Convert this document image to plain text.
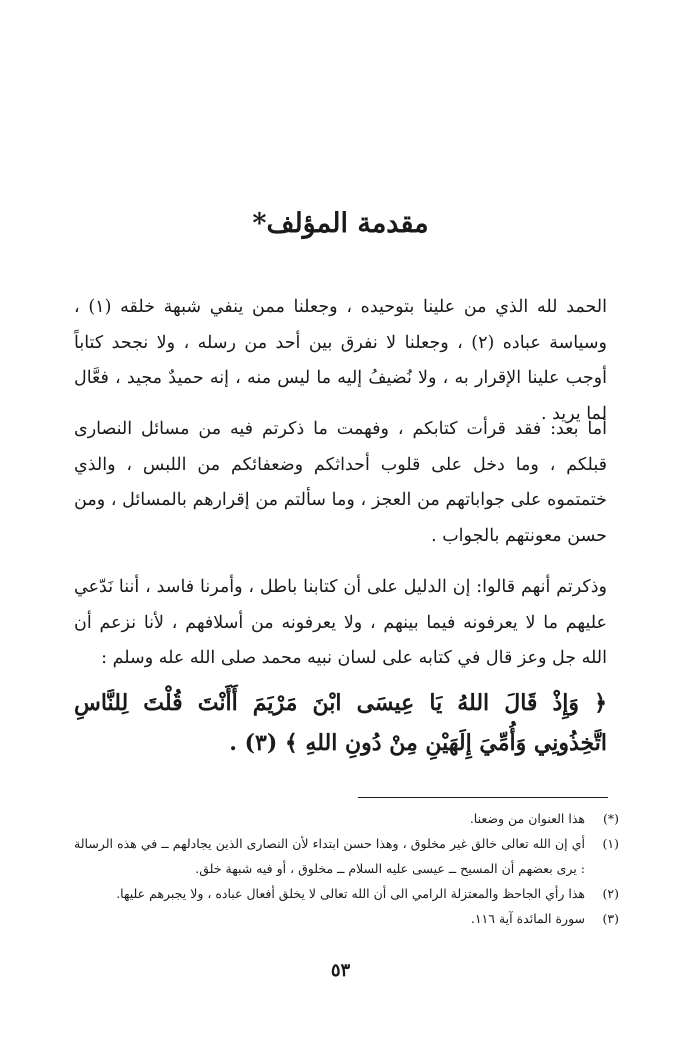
مقدمة المؤلف*

الحمد لله الذي من علينا بتوحيده ، وجعلنا ممن ينفي شبهة خلقه (١) ، وسياسة عباده (٢) ، وجعلنا لا نفرق بين أحد من رسله ، ولا نجحد كتاباً أوجب علينا الإقرار به ، ولا نُضيفُ إليه ما ليس منه ، إنه حميدٌ مجيد ، فعَّال لما يريد .

أما بعد: فقد قرأت كتابكم ، وفهمت ما ذكرتم فيه من مسائل النصارى قبلكم ، وما دخل على قلوب أحداثكم وضعفائكم من اللبس ، والذي ختمتموه على جواباتهم من العجز ، وما سألتم من إقرارهم بالمسائل ، ومن حسن معونتهم بالجواب .

وذكرتم أنهم قالوا: إن الدليل على أن كتابنا باطل ، وأمرنا فاسد ، أننا نَدّعي عليهم ما لا يعرفونه فيما بينهم ، ولا يعرفونه من أسلافهم ، لأنا نزعم أن الله جل وعز قال في كتابه على لسان نبيه محمد صلى الله عله وسلم :

﴿ وَإِذْ قَالَ اللهُ يَا عِيسَى ابْنَ مَرْيَمَ أَأَنْتَ قُلْتَ لِلنَّاسِ اتَّخِذُونِي وَأُمِّيَ إِلَهَيْنِ مِنْ دُونِ اللهِ ﴾ (٣) .

(*)
هذا العنوان من وضعنا.
(١)
أي إن الله تعالى خالق غير مخلوق ، وهذا حسن ابتداء لأن النصارى الذين يجادلهم ــ في هذه الرسالة : يرى بعضهم أن المسيح ــ عيسى عليه السلام ــ مخلوق ، أو فيه شبهة خلق.
(٢)
هذا رأي الجاحظ والمعتزلة الرامي الى أن الله تعالى لا يخلق أفعال عباده ، ولا يجبرهم عليها.
(٣)
سورة المائدة آية ١١٦.
٥٣
